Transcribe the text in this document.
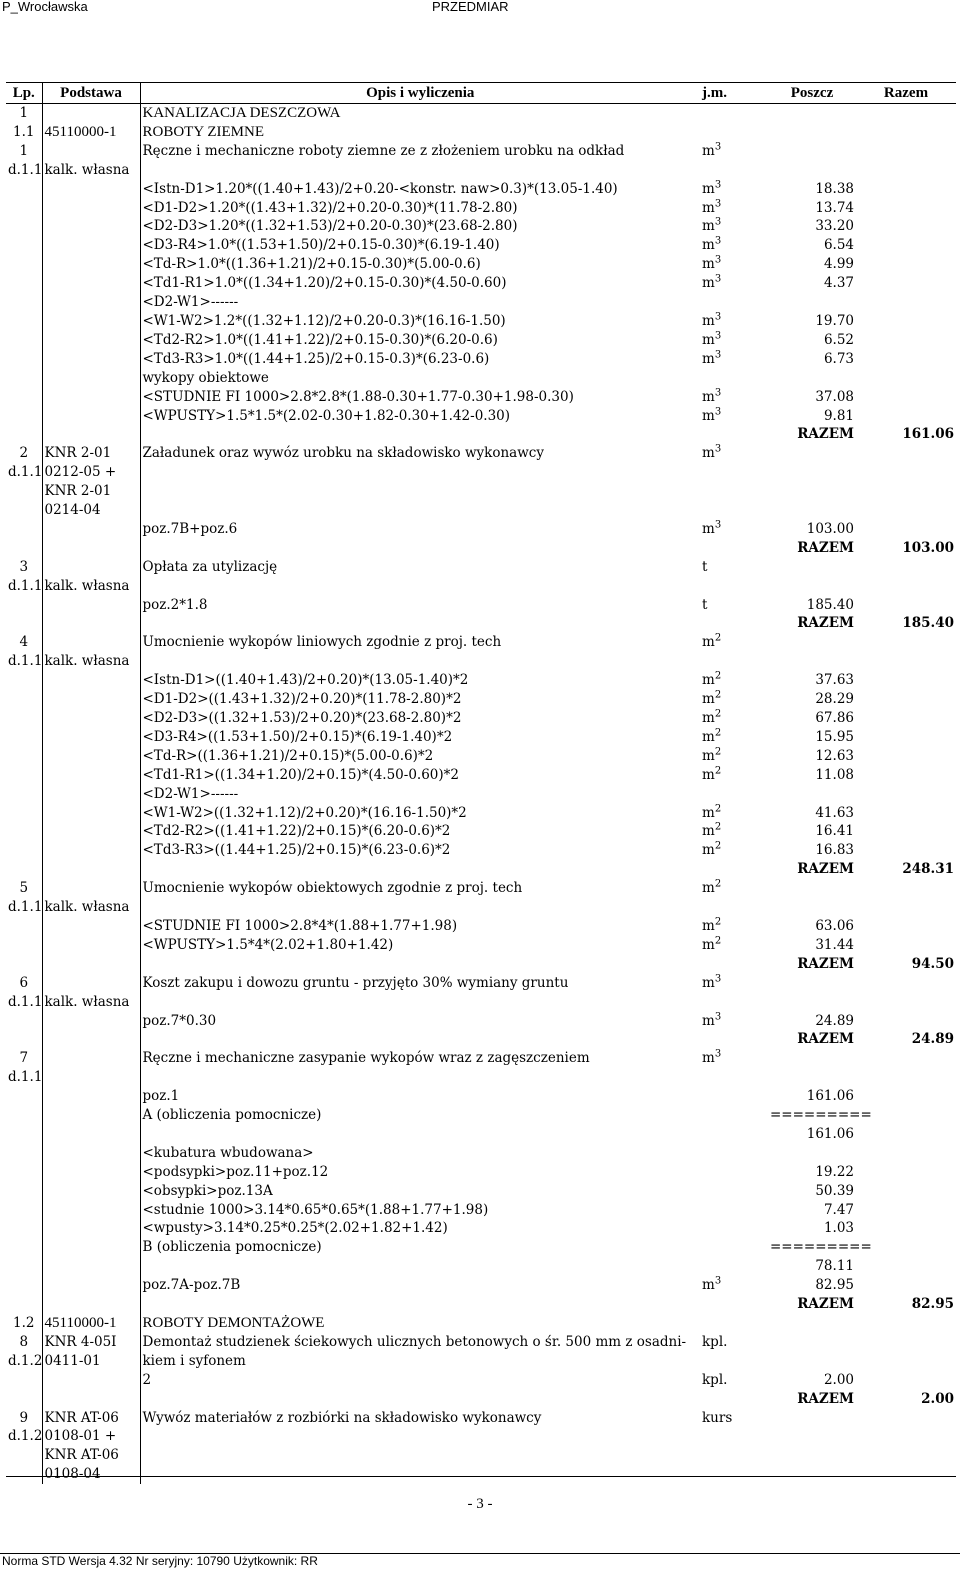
P_Wrocławska	PRZEDMIAR
Lp.	Podstawa	Opis i wyliczenia	j.m.	Poszcz	Razem
1		KANALIZACJA DESZCZOWA			
1.1	45110000-1	ROBOTY ZIEMNE			
1		Ręczne i mechaniczne roboty ziemne ze z złożeniem urobku na odkład	$m^3$		
d.1.1	kalk. własna				
		<Istn-D1>1.20*((1.40+1.43)/2+0.20-<konstr. naw>0.3)*(13.05-1.40)	$m^3$	18.38	
		<D1-D2>1.20*((1.43+1.32)/2+0.20-0.30)*(11.78-2.80)	$m^3$	13.74	
		<D2-D3>1.20*((1.32+1.53)/2+0.20-0.30)*(23.68-2.80)	$m^3$	33.20	
		<D3-R4>1.0*((1.53+1.50)/2+0.15-0.30)*(6.19-1.40)	$m^3$	6.54	
		<Td-R>1.0*((1.36+1.21)/2+0.15-0.30)*(5.00-0.6)	$m^3$	4.99	
		<Td1-R1>1.0*((1.34+1.20)/2+0.15-0.30)*(4.50-0.60)	$m^3$	4.37	
		<D2-W1>------			
		<W1-W2>1.2*((1.32+1.12)/2+0.20-0.3)*(16.16-1.50)	$m^3$	19.70	
		<Td2-R2>1.0*((1.41+1.22)/2+0.15-0.30)*(6.20-0.6)	$m^3$	6.52	
		<Td3-R3>1.0*((1.44+1.25)/2+0.15-0.3)*(6.23-0.6)	$m^3$	6.73	
		wykopy obiektowe			
		<STUDNIE FI 1000>2.8*2.8*(1.88-0.30+1.77-0.30+1.98-0.30)	$m^3$	37.08	
		<WPUSTY>1.5*1.5*(2.02-0.30+1.82-0.30+1.42-0.30)	$m^3$	9.81	
				RAZEM	161.06
2	KNR 2-01	Załadunek oraz wywóz urobku na składowisko wykonawcy	$m^3$		
d.1.1	0212-05 +				
	KNR 2-01				
	0214-04				
		poz.7B+poz.6	$m^3$	103.00	
				RAZEM	103.00
3		Opłata za utylizację	t		
d.1.1	kalk. własna				
		poz.2*1.8	t	185.40	
				RAZEM	185.40
4		Umocnienie wykopów liniowych zgodnie z proj. tech	$m^2$		
d.1.1	kalk. własna				
		<Istn-D1>((1.40+1.43)/2+0.20)*(13.05-1.40)*2	$m^2$	37.63	
		<D1-D2>((1.43+1.32)/2+0.20)*(11.78-2.80)*2	$m^2$	28.29	
		<D2-D3>((1.32+1.53)/2+0.20)*(23.68-2.80)*2	$m^2$	67.86	
		<D3-R4>((1.53+1.50)/2+0.15)*(6.19-1.40)*2	$m^2$	15.95	
		<Td-R>((1.36+1.21)/2+0.15)*(5.00-0.6)*2	$m^2$	12.63	
		<Td1-R1>((1.34+1.20)/2+0.15)*(4.50-0.60)*2	$m^2$	11.08	
		<D2-W1>------			
		<W1-W2>((1.32+1.12)/2+0.20)*(16.16-1.50)*2	$m^2$	41.63	
		<Td2-R2>((1.41+1.22)/2+0.15)*(6.20-0.6)*2	$m^2$	16.41	
		<Td3-R3>((1.44+1.25)/2+0.15)*(6.23-0.6)*2	$m^2$	16.83	
				RAZEM	248.31
5		Umocnienie wykopów obiektowych zgodnie z proj. tech	$m^2$		
d.1.1	kalk. własna				
		<STUDNIE FI 1000>2.8*4*(1.88+1.77+1.98)	$m^2$	63.06	
		<WPUSTY>1.5*4*(2.02+1.80+1.42)	$m^2$	31.44	
				RAZEM	94.50
6		Koszt zakupu i dowozu gruntu - przyjęto 30% wymiany gruntu	$m^3$		
d.1.1	kalk. własna				
		poz.7*0.30	$m^3$	24.89	
				RAZEM	24.89
7		Ręczne i mechaniczne zasypanie wykopów wraz z zagęszczeniem	$m^3$		
d.1.1					
		poz.1		161.06	
		A (obliczenia pomocnicze)		=========	
				161.06	
		<kubatura wbudowana>			
		<podsypki>poz.11+poz.12		19.22	
		<obsypki>poz.13A		50.39	
		<studnie 1000>3.14*0.65*0.65*(1.88+1.77+1.98)		7.47	
		<wpusty>3.14*0.25*0.25*(2.02+1.82+1.42)		1.03	
		B (obliczenia pomocnicze)		=========	
				78.11	
		poz.7A-poz.7B	$m^3$	82.95	
				RAZEM	82.95
1.2	45110000-1	ROBOTY DEMONTAŻOWE			
8	KNR 4-05I	Demontaż studzienek ściekowych ulicznych betonowych o śr. 500 mm z osadni-	kpl.		
d.1.2	0411-01	kiem i syfonem			
		2	kpl.	2.00	
				RAZEM	2.00
9	KNR AT-06	Wywóz materiałów z rozbiórki na składowisko wykonawcy	kurs		
d.1.2	0108-01 +				
	KNR AT-06				
	0108-04				
- 3 -
Norma STD Wersja 4.32 Nr seryjny: 10790 Użytkownik: RR
